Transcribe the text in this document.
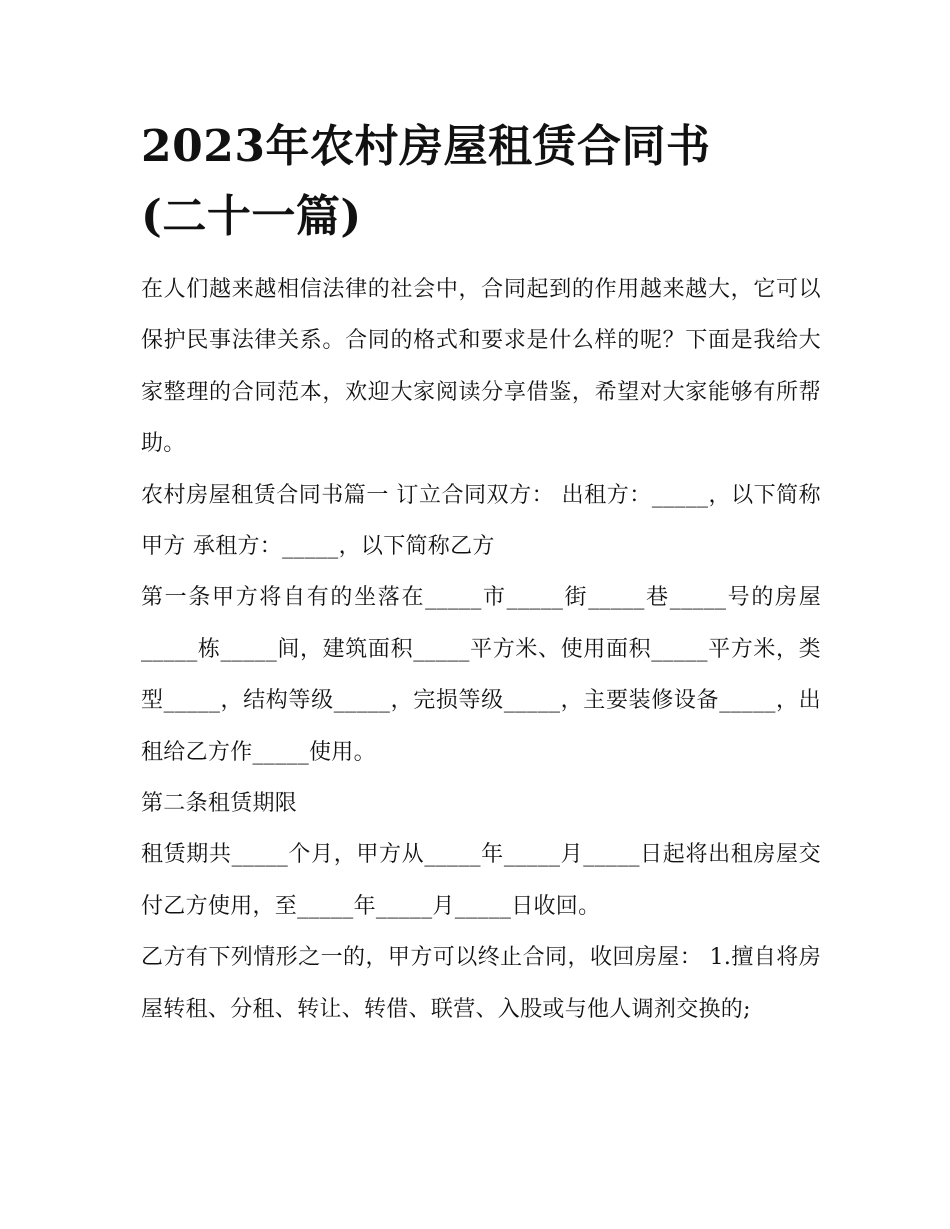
2023年农村房屋租赁合同书
(二十一篇)

在人们越来越相信法律的社会中，合同起到的作用越来越大，它可以保护民事法律关系。合同的格式和要求是什么样的呢？下面是我给大家整理的合同范本，欢迎大家阅读分享借鉴，希望对大家能够有所帮助。

农村房屋租赁合同书篇一 订立合同双方： 出租方：_____，以下简称甲方 承租方：_____，以下简称乙方

第一条甲方将自有的坐落在_____市_____街_____巷_____号的房屋_____栋_____间，建筑面积_____平方米、使用面积_____平方米，类型_____，结构等级_____，完损等级_____，主要装修设备_____，出租给乙方作_____使用。

第二条租赁期限

租赁期共_____个月，甲方从_____年_____月_____日起将出租房屋交付乙方使用，至_____年_____月_____日收回。

乙方有下列情形之一的，甲方可以终止合同，收回房屋： 1.擅自将房屋转租、分租、转让、转借、联营、入股或与他人调剂交换的;
